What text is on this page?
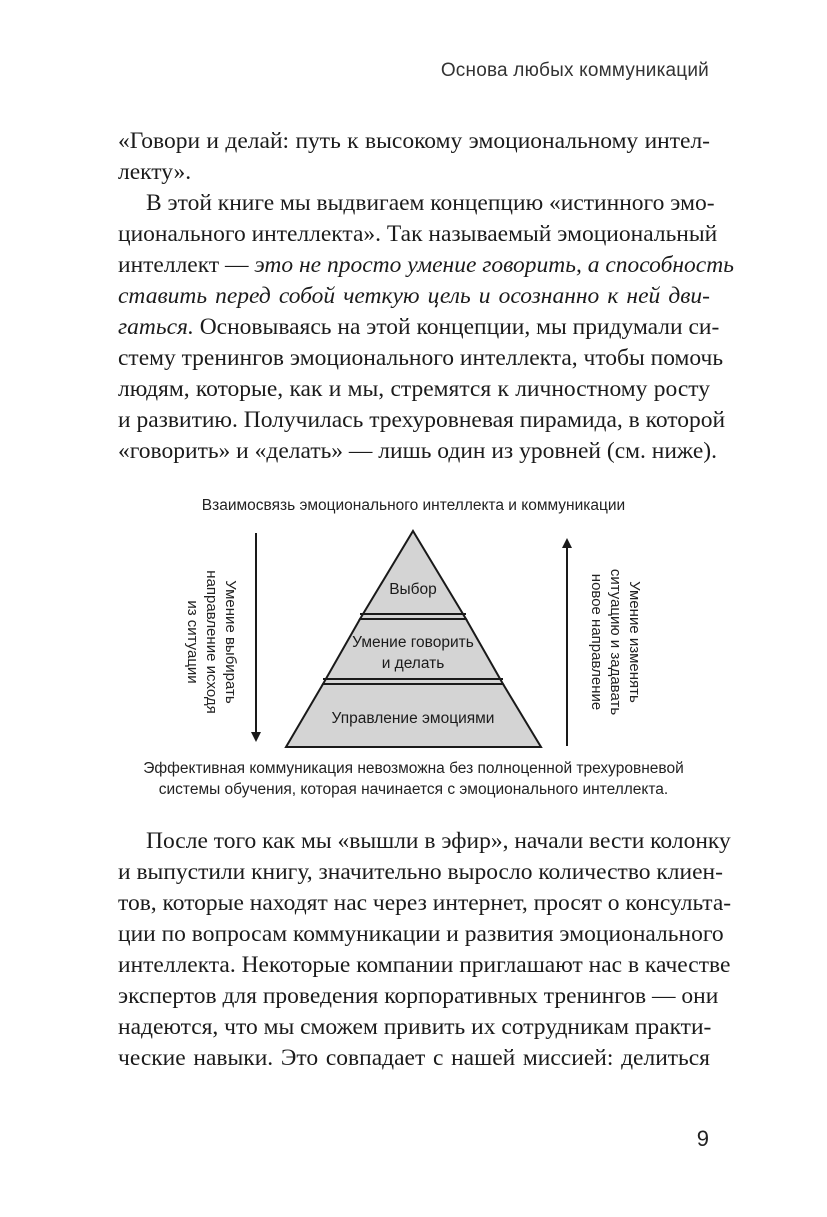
Основа любых коммуникаций
«Говори и делай: путь к высокому эмоциональному интел-
лекту».
В этой книге мы выдвигаем концепцию «истинного эмо-
ционального интеллекта». Так называемый эмоциональный
интеллект — это не просто умение говорить, а способность
ставить перед собой четкую цель и осознанно к ней дви-
гаться. Основываясь на этой концепции, мы придумали си-
стему тренингов эмоционального интеллекта, чтобы помочь
людям, которые, как и мы, стремятся к личностному росту
и развитию. Получилась трехуровневая пирамида, в которой
«говорить» и «делать» — лишь один из уровней (см. ниже).
Взаимосвязь эмоционального интеллекта и коммуникации
Выбор
Умение говорить
и делать
Управление эмоциями
Умение выбирать
направление исходя
из ситуации	Умение изменять
ситуацию и задавать
новое направление
Эффективная коммуникация невозможна без полноценной трехуровневой
системы обучения, которая начинается с эмоционального интеллекта.
После того как мы «вышли в эфир», начали вести колонку
и выпустили книгу, значительно выросло количество клиен-
тов, которые находят нас через интернет, просят о консульта-
ции по вопросам коммуникации и развития эмоционального
интеллекта. Некоторые компании приглашают нас в качестве
экспертов для проведения корпоративных тренингов — они
надеются, что мы сможем привить их сотрудникам практи-
ческие навыки. Это совпадает с нашей миссией: делиться
9
